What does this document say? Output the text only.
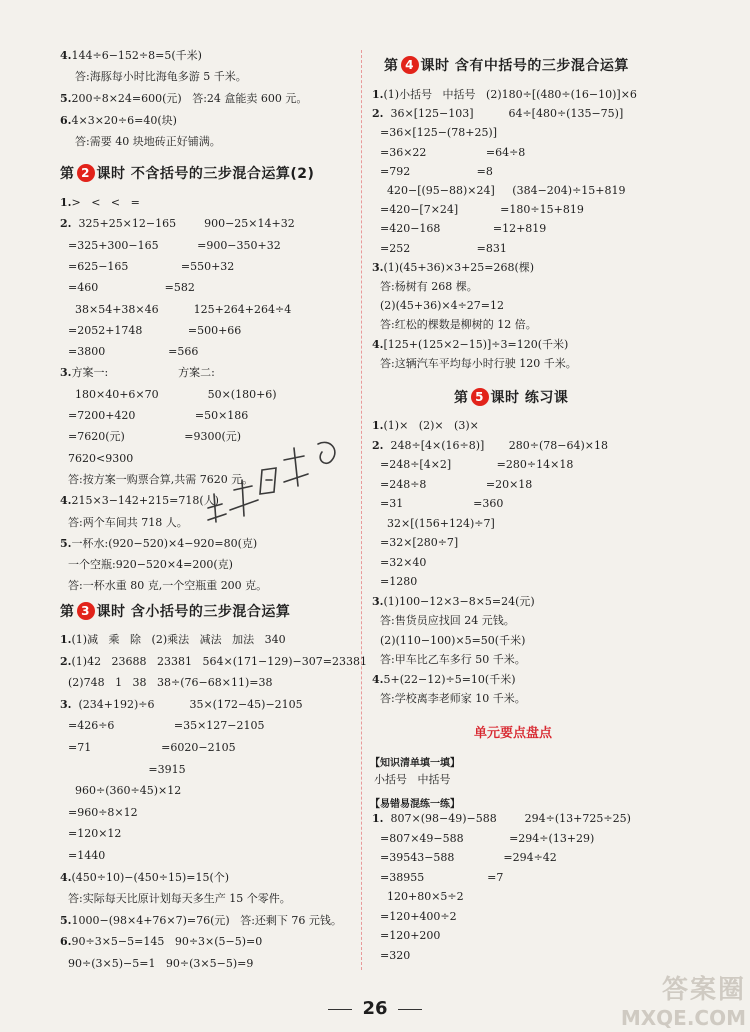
4.144÷6−152÷8=5(千米)
答:海豚每小时比海龟多游 5 千米。
5.200÷8×24=600(元)   答:24 盒能卖 600 元。
6.4×3×20÷6=40(块)
答:需要 40 块地砖正好铺满。
第 2 课时 不含括号的三步混合运算(2)
1.>   <   <   =
2.  325+25×12−165        900−25×14+32
=325+300−165           =900−350+32
=625−165               =550+32
=460                   =582
38×54+38×46          125+264+264÷4
=2052+1748             =500+66
=3800                  =566
3.方案一:                    方案二:
180×40+6×70              50×(180+6)
=7200+420                 =50×186
=7620(元)                 =9300(元)
7620<9300
答:按方案一购票合算,共需 7620 元。
4.215×3−142+215=718(人)
答:两个车间共 718 人。
5.一杯水:(920−520)×4−920=80(克)
一个空瓶:920−520×4=200(克)
答:一杯水重 80 克,一个空瓶重 200 克。
第 3 课时 含小括号的三步混合运算
1.(1)减   乘   除   (2)乘法   减法   加法   340
2.(1)42   23688   23381   564×(171−129)−307=23381
(2)748   1   38   38÷(76−68×11)=38
3.  (234+192)÷6          35×(172−45)−2105
=426÷6                 =35×127−2105
=71                    =6020−2105
=3915
960÷(360÷45)×12
=960÷8×12
=120×12
=1440
4.(450÷10)−(450÷15)=15(个)
答:实际每天比原计划每天多生产 15 个零件。
5.1000−(98×4+76×7)=76(元)   答:还剩下 76 元钱。
6.90÷3×5−5=145   90÷3×(5−5)=0
90÷(3×5)−5=1   90÷(3×5−5)=9
第 4 课时 含有中括号的三步混合运算
1.(1)小括号   中括号   (2)180÷[(480÷(16−10)]×6
2.  36×[125−103]          64÷[480÷(135−75)]
=36×[125−(78+25)]
=36×22                 =64÷8
=792                   =8
420−[(95−88)×24]     (384−204)÷15+819
=420−[7×24]            =180÷15+819
=420−168               =12+819
=252                   =831
3.(1)(45+36)×3+25=268(棵)
答:杨树有 268 棵。
(2)(45+36)×4÷27=12
答:红松的棵数是柳树的 12 倍。
4.[125+(125×2−15)]÷3=120(千米)
答:这辆汽车平均每小时行驶 120 千米。
第 5 课时 练习课
1.(1)×   (2)×   (3)×
2.  248÷[4×(16÷8)]       280÷(78−64)×18
=248÷[4×2]             =280÷14×18
=248÷8                 =20×18
=31                    =360
32×[(156+124)÷7]
=32×[280÷7]
=32×40
=1280
3.(1)100−12×3−8×5=24(元)
答:售货员应找回 24 元钱。
(2)(110−100)×5=50(千米)
答:甲车比乙车多行 50 千米。
4.5+(22−12)÷5=10(千米)
答:学校离李老师家 10 千米。
单元要点盘点
【知识清单填一填】
小括号   中括号
【易错易混练一练】
1.  807×(98−49)−588        294÷(13+725÷25)
=807×49−588             =294÷(13+29)
=39543−588              =294÷42
=38955                  =7
120+80×5÷2
=120+400÷2
=120+200
=320
26
答案圈
MXQE.COM
